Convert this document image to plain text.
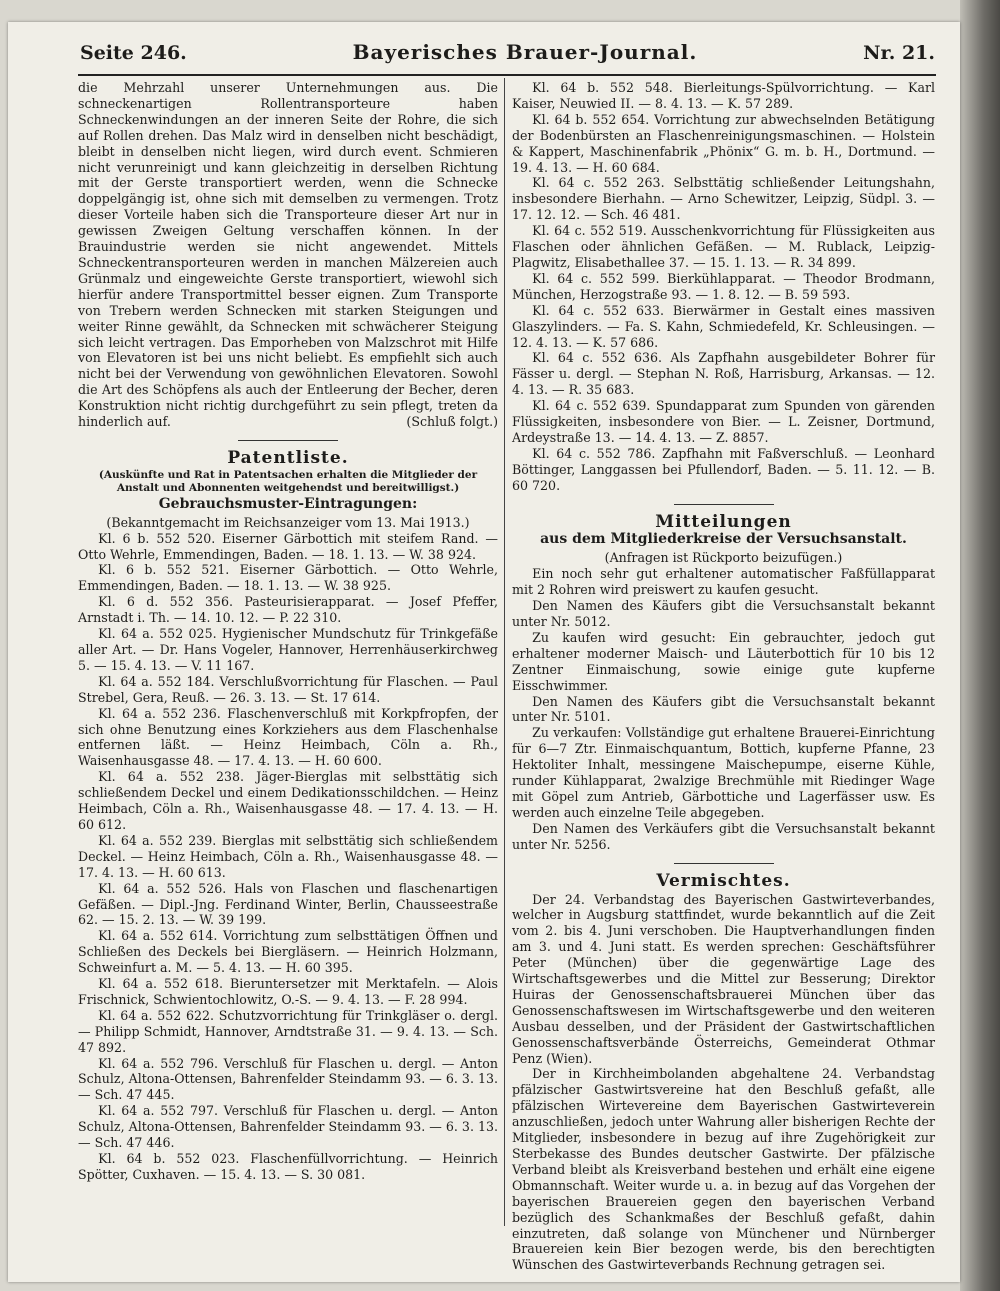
Seite 246.	Bayerisches Brauer-Journal.	Nr. 21.

die Mehrzahl unserer Unternehmungen aus. Die schneckenartigen Rollentransporteure haben Schneckenwindungen an der inneren Seite der Rohre, die sich auf Rollen drehen. Das Malz wird in denselben nicht beschädigt, bleibt in denselben nicht liegen, wird durch event. Schmieren nicht verunreinigt und kann gleichzeitig in derselben Richtung mit der Gerste transportiert werden, wenn die Schnecke doppelgängig ist, ohne sich mit demselben zu vermengen. Trotz dieser Vorteile haben sich die Transporteure dieser Art nur in gewissen Zweigen Geltung verschaffen können. In der Brauindustrie werden sie nicht angewendet. Mittels Schneckentransporteuren werden in manchen Mälzereien auch Grünmalz und eingeweichte Gerste transportiert, wiewohl sich hierfür andere Transportmittel besser eignen. Zum Transporte von Trebern werden Schnecken mit starken Steigungen und weiter Rinne gewählt, da Schnecken mit schwächerer Steigung sich leicht vertragen. Das Emporheben von Malzschrot mit Hilfe von Elevatoren ist bei uns nicht beliebt. Es empfiehlt sich auch nicht bei der Verwendung von gewöhnlichen Elevatoren. Sowohl die Art des Schöpfens als auch der Entleerung der Becher, deren Konstruktion nicht richtig durchgeführt zu sein pflegt, treten da hinderlich auf.	(Schluß folgt.)

Patentliste.
(Auskünfte und Rat in Patentsachen erhalten die Mitglieder der Anstalt und Abonnenten weitgehendst und bereitwilligst.)
Gebrauchsmuster-Eintragungen:

(Bekanntgemacht im Reichsanzeiger vom 13. Mai 1913.)

Kl. 6 b. 552 520. Eiserner Gärbottich mit steifem Rand. — Otto Wehrle, Emmendingen, Baden. — 18. 1. 13. — W. 38 924.

Kl. 6 b. 552 521. Eiserner Gärbottich. — Otto Wehrle, Emmendingen, Baden. — 18. 1. 13. — W. 38 925.

Kl. 6 d. 552 356. Pasteurisierapparat. — Josef Pfeffer, Arnstadt i. Th. — 14. 10. 12. — P. 22 310.

Kl. 64 a. 552 025. Hygienischer Mundschutz für Trinkgefäße aller Art. — Dr. Hans Vogeler, Hannover, Herrenhäuserkirchweg 5. — 15. 4. 13. — V. 11 167.

Kl. 64 a. 552 184. Verschlußvorrichtung für Flaschen. — Paul Strebel, Gera, Reuß. — 26. 3. 13. — St. 17 614.

Kl. 64 a. 552 236. Flaschenverschluß mit Korkpfropfen, der sich ohne Benutzung eines Korkziehers aus dem Flaschenhalse entfernen läßt. — Heinz Heimbach, Cöln a. Rh., Waisenhausgasse 48. — 17. 4. 13. — H. 60 600.

Kl. 64 a. 552 238. Jäger-Bierglas mit selbsttätig sich schließendem Deckel und einem Dedikationsschildchen. — Heinz Heimbach, Cöln a. Rh., Waisenhausgasse 48. — 17. 4. 13. — H. 60 612.

Kl. 64 a. 552 239. Bierglas mit selbsttätig sich schließendem Deckel. — Heinz Heimbach, Cöln a. Rh., Waisenhausgasse 48. — 17. 4. 13. — H. 60 613.

Kl. 64 a. 552 526. Hals von Flaschen und flaschenartigen Gefäßen. — Dipl.-Jng. Ferdinand Winter, Berlin, Chausseestraße 62. — 15. 2. 13. — W. 39 199.

Kl. 64 a. 552 614. Vorrichtung zum selbsttätigen Öffnen und Schließen des Deckels bei Biergläsern. — Heinrich Holzmann, Schweinfurt a. M. — 5. 4. 13. — H. 60 395.

Kl. 64 a. 552 618. Bieruntersetzer mit Merktafeln. — Alois Frischnick, Schwientochlowitz, O.-S. — 9. 4. 13. — F. 28 994.

Kl. 64 a. 552 622. Schutzvorrichtung für Trinkgläser o. dergl. — Philipp Schmidt, Hannover, Arndtstraße 31. — 9. 4. 13. — Sch. 47 892.

Kl. 64 a. 552 796. Verschluß für Flaschen u. dergl. — Anton Schulz, Altona-Ottensen, Bahrenfelder Steindamm 93. — 6. 3. 13. — Sch. 47 445.

Kl. 64 a. 552 797. Verschluß für Flaschen u. dergl. — Anton Schulz, Altona-Ottensen, Bahrenfelder Steindamm 93. — 6. 3. 13. — Sch. 47 446.

Kl. 64 b. 552 023. Flaschenfüllvorrichtung. — Heinrich Spötter, Cuxhaven. — 15. 4. 13. — S. 30 081.

Kl. 64 b. 552 548. Bierleitungs-Spülvorrichtung. — Karl Kaiser, Neuwied II. — 8. 4. 13. — K. 57 289.

Kl. 64 b. 552 654. Vorrichtung zur abwechselnden Betätigung der Bodenbürsten an Flaschenreinigungsmaschinen. — Holstein & Kappert, Maschinenfabrik „Phönix“ G. m. b. H., Dortmund. — 19. 4. 13. — H. 60 684.

Kl. 64 c. 552 263. Selbsttätig schließender Leitungshahn, insbesondere Bierhahn. — Arno Schewitzer, Leipzig, Südpl. 3. — 17. 12. 12. — Sch. 46 481.

Kl. 64 c. 552 519. Ausschenkvorrichtung für Flüssigkeiten aus Flaschen oder ähnlichen Gefäßen. — M. Rublack, Leipzig-Plagwitz, Elisabethallee 37. — 15. 1. 13. — R. 34 899.

Kl. 64 c. 552 599. Bierkühlapparat. — Theodor Brodmann, München, Herzogstraße 93. — 1. 8. 12. — B. 59 593.

Kl. 64 c. 552 633. Bierwärmer in Gestalt eines massiven Glaszylinders. — Fa. S. Kahn, Schmiedefeld, Kr. Schleusingen. — 12. 4. 13. — K. 57 686.

Kl. 64 c. 552 636. Als Zapfhahn ausgebildeter Bohrer für Fässer u. dergl. — Stephan N. Roß, Harrisburg, Arkansas. — 12. 4. 13. — R. 35 683.

Kl. 64 c. 552 639. Spundapparat zum Spunden von gärenden Flüssigkeiten, insbesondere von Bier. — L. Zeisner, Dortmund, Ardeystraße 13. — 14. 4. 13. — Z. 8857.

Kl. 64 c. 552 786. Zapfhahn mit Faßverschluß. — Leonhard Böttinger, Langgassen bei Pfullendorf, Baden. — 5. 11. 12. — B. 60 720.

Mitteilungen
aus dem Mitgliederkreise der Versuchsanstalt.

(Anfragen ist Rückporto beizufügen.)

Ein noch sehr gut erhaltener automatischer Faßfüllapparat mit 2 Rohren wird preiswert zu kaufen gesucht.

Den Namen des Käufers gibt die Versuchsanstalt bekannt unter Nr. 5012.

Zu kaufen wird gesucht: Ein gebrauchter, jedoch gut erhaltener moderner Maisch- und Läuterbottich für 10 bis 12 Zentner Einmaischung, sowie einige gute kupferne Eisschwimmer.

Den Namen des Käufers gibt die Versuchsanstalt bekannt unter Nr. 5101.

Zu verkaufen: Vollständige gut erhaltene Brauerei-Einrichtung für 6—7 Ztr. Einmaischquantum, Bottich, kupferne Pfanne, 23 Hektoliter Inhalt, messingene Maischepumpe, eiserne Kühle, runder Kühlapparat, 2walzige Brechmühle mit Riedinger Wage mit Göpel zum Antrieb, Gärbottiche und Lagerfässer usw. Es werden auch einzelne Teile abgegeben.

Den Namen des Verkäufers gibt die Versuchsanstalt bekannt unter Nr. 5256.

Vermischtes.

Der 24. Verbandstag des Bayerischen Gastwirteverbandes, welcher in Augsburg stattfindet, wurde bekanntlich auf die Zeit vom 2. bis 4. Juni verschoben. Die Hauptverhandlungen finden am 3. und 4. Juni statt. Es werden sprechen: Geschäftsführer Peter (München) über die gegenwärtige Lage des Wirtschaftsgewerbes und die Mittel zur Besserung; Direktor Huiras der Genossenschaftsbrauerei München über das Genossenschaftswesen im Wirtschaftsgewerbe und den weiteren Ausbau desselben, und der Präsident der Gastwirtschaftlichen Genossenschaftsverbände Österreichs, Gemeinderat Othmar Penz (Wien).

Der in Kirchheimbolanden abgehaltene 24. Verbandstag pfälzischer Gastwirtsvereine hat den Beschluß gefaßt, alle pfälzischen Wirtevereine dem Bayerischen Gastwirteverein anzuschließen, jedoch unter Wahrung aller bisherigen Rechte der Mitglieder, insbesondere in bezug auf ihre Zugehörigkeit zur Sterbekasse des Bundes deutscher Gastwirte. Der pfälzische Verband bleibt als Kreisverband bestehen und erhält eine eigene Obmannschaft. Weiter wurde u. a. in bezug auf das Vorgehen der bayerischen Brauereien gegen den bayerischen Verband bezüglich des Schankmaßes der Beschluß gefaßt, dahin einzutreten, daß solange von Münchener und Nürnberger Brauereien kein Bier bezogen werde, bis den berechtigten Wünschen des Gastwirteverbands Rechnung getragen sei.
